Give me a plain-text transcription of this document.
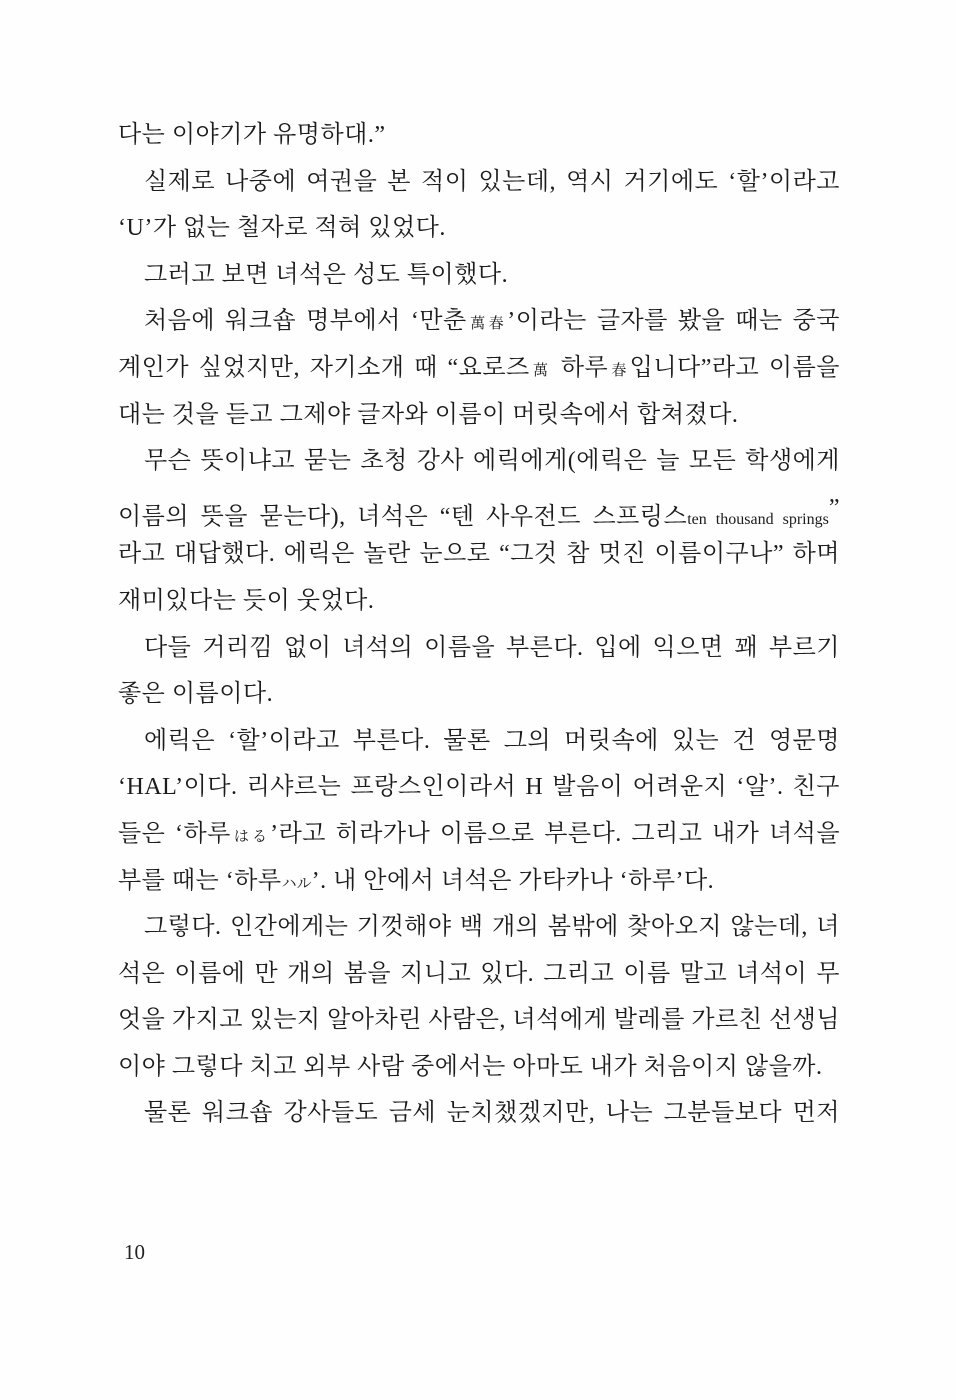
다는 이야기가 유명하대.”
실제로 나중에 여권을 본 적이 있는데, 역시 거기에도 ‘할’이라고
‘U’가 없는 철자로 적혀 있었다.
그러고 보면 녀석은 성도 특이했다.
처음에 워크숍 명부에서 ‘만춘萬春’이라는 글자를 봤을 때는 중국
계인가 싶었지만, 자기소개 때 “요로즈萬 하루春입니다”라고 이름을
대는 것을 듣고 그제야 글자와 이름이 머릿속에서 합쳐졌다.
무슨 뜻이냐고 묻는 초청 강사 에릭에게(에릭은 늘 모든 학생에게
이름의 뜻을 묻는다), 녀석은 “텐 사우전드 스프링스ten thousand springs”
라고 대답했다. 에릭은 놀란 눈으로 “그것 참 멋진 이름이구나” 하며
재미있다는 듯이 웃었다.
다들 거리낌 없이 녀석의 이름을 부른다. 입에 익으면 꽤 부르기
좋은 이름이다.
에릭은 ‘할’이라고 부른다. 물론 그의 머릿속에 있는 건 영문명
‘HAL’이다. 리샤르는 프랑스인이라서 H 발음이 어려운지 ‘알’. 친구
들은 ‘하루はる’라고 히라가나 이름으로 부른다. 그리고 내가 녀석을
부를 때는 ‘하루ハル’. 내 안에서 녀석은 가타카나 ‘하루’다.
그렇다. 인간에게는 기껏해야 백 개의 봄밖에 찾아오지 않는데, 녀
석은 이름에 만 개의 봄을 지니고 있다. 그리고 이름 말고 녀석이 무
엇을 가지고 있는지 알아차린 사람은, 녀석에게 발레를 가르친 선생님
이야 그렇다 치고 외부 사람 중에서는 아마도 내가 처음이지 않을까.
물론 워크숍 강사들도 금세 눈치챘겠지만, 나는 그분들보다 먼저
10
